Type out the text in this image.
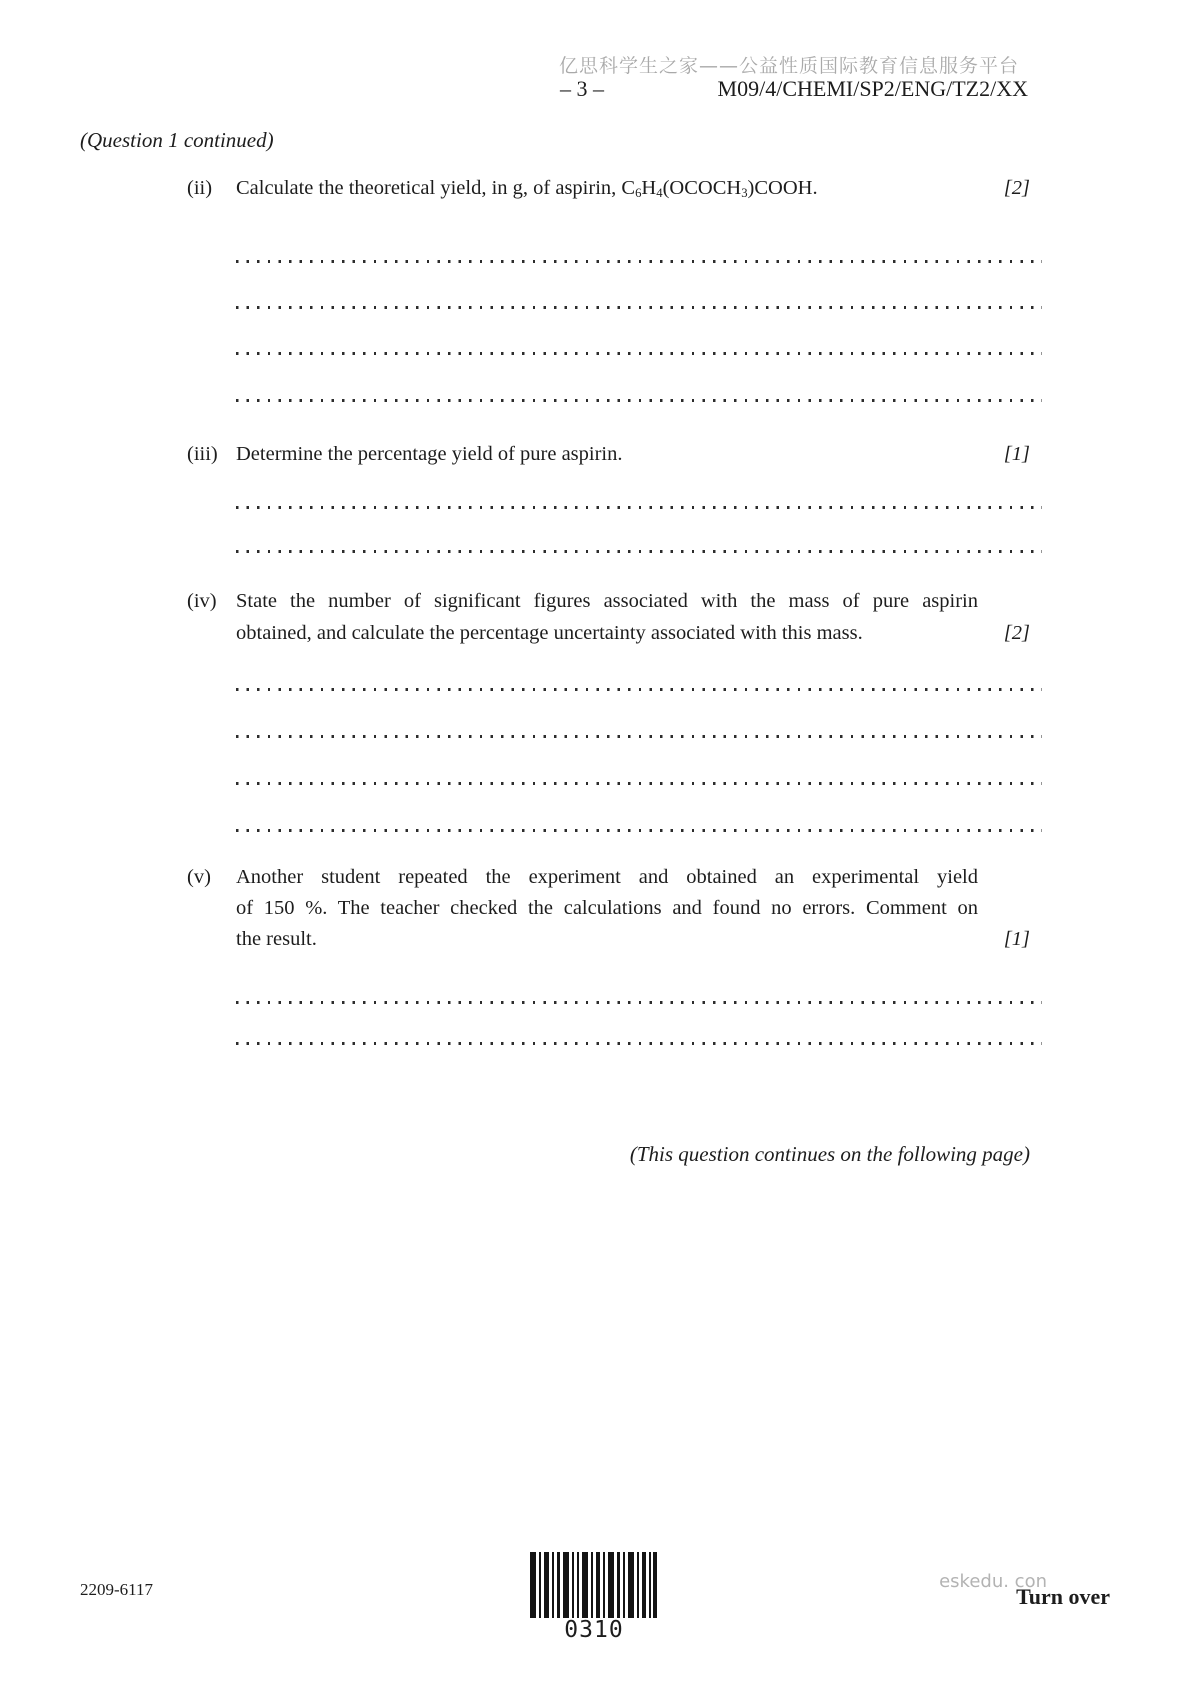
亿思科学生之家——公益性质国际教育信息服务平台
– 3 –	M09/4/CHEMI/SP2/ENG/TZ2/XX
(Question 1 continued)
(ii)	Calculate the theoretical yield, in g, of aspirin, $C_6H_4(OCOCH_3)COOH$.	[2]
(iii) Determine the percentage yield of pure aspirin.	[1]
(iv) State the number of significant figures associated with the mass of pure aspirin
obtained, and calculate the percentage uncertainty associated with this mass.	[2]
(v)	Another student repeated the experiment and obtained an experimental yield
of 150 %. The teacher checked the calculations and found no errors. Comment on
the result.	[1]
(This question continues on the following page)
2209-6117
0310
eskedu. con
Turn over
